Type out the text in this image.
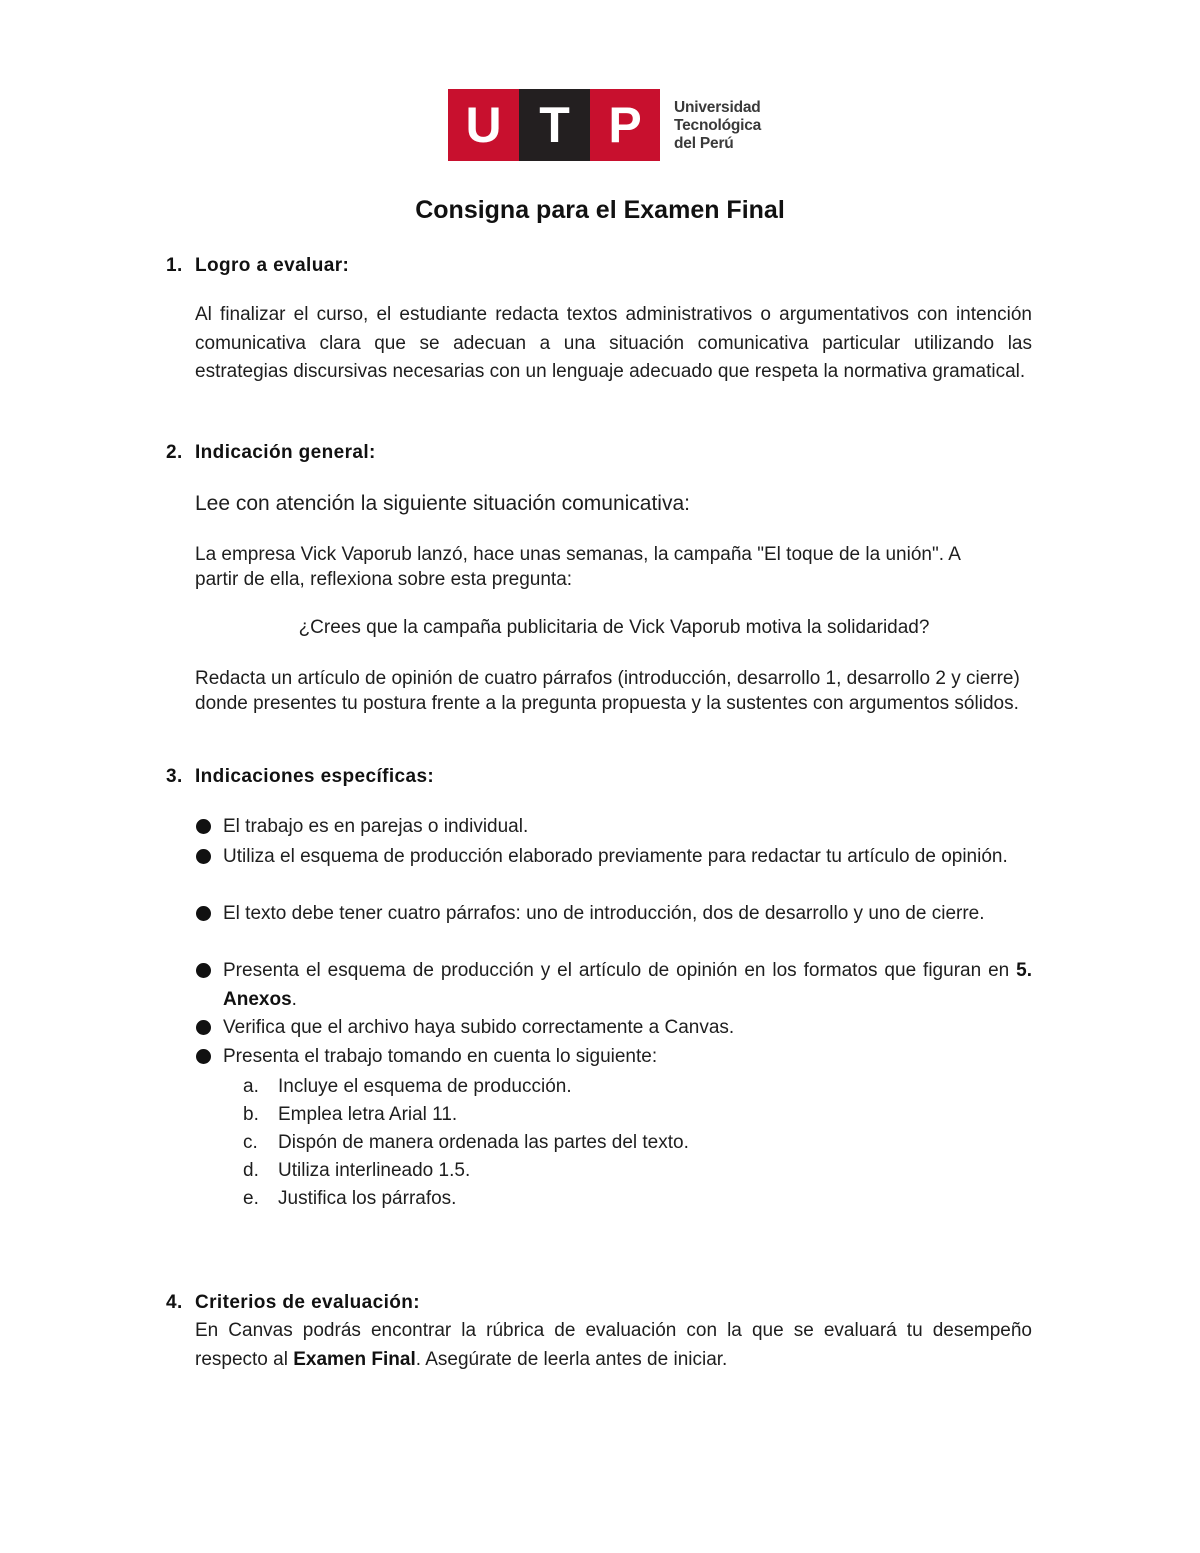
U T P	Universidad
Tecnológica
del Perú
Consigna para el Examen Final
1. Logro a evaluar:
Al finalizar el curso, el estudiante redacta textos administrativos o argumentativos con intención comunicativa clara que se adecuan a una situación comunicativa particular utilizando las estrategias discursivas necesarias con un lenguaje adecuado que respeta la normativa gramatical.
2. Indicación general:
Lee con atención la siguiente situación comunicativa:
La empresa Vick Vaporub lanzó, hace unas semanas, la campaña "El toque de la unión". A partir de ella, reflexiona sobre esta pregunta:
¿Crees que la campaña publicitaria de Vick Vaporub motiva la solidaridad?
Redacta un artículo de opinión de cuatro párrafos (introducción, desarrollo 1, desarrollo 2 y cierre) donde presentes tu postura frente a la pregunta propuesta y la sustentes con argumentos sólidos.
3. Indicaciones específicas:
El trabajo es en parejas o individual.
Utiliza el esquema de producción elaborado previamente para redactar tu artículo de opinión.
El texto debe tener cuatro párrafos: uno de introducción, dos de desarrollo y uno de cierre.
Presenta el esquema de producción y el artículo de opinión en los formatos que figuran en 5. Anexos.
Verifica que el archivo haya subido correctamente a Canvas.
Presenta el trabajo tomando en cuenta lo siguiente:
a. Incluye el esquema de producción.
b. Emplea letra Arial 11.
c. Dispón de manera ordenada las partes del texto.
d. Utiliza interlineado 1.5.
e. Justifica los párrafos.
4. Criterios de evaluación:
En Canvas podrás encontrar la rúbrica de evaluación con la que se evaluará tu desempeño respecto al Examen Final. Asegúrate de leerla antes de iniciar.
